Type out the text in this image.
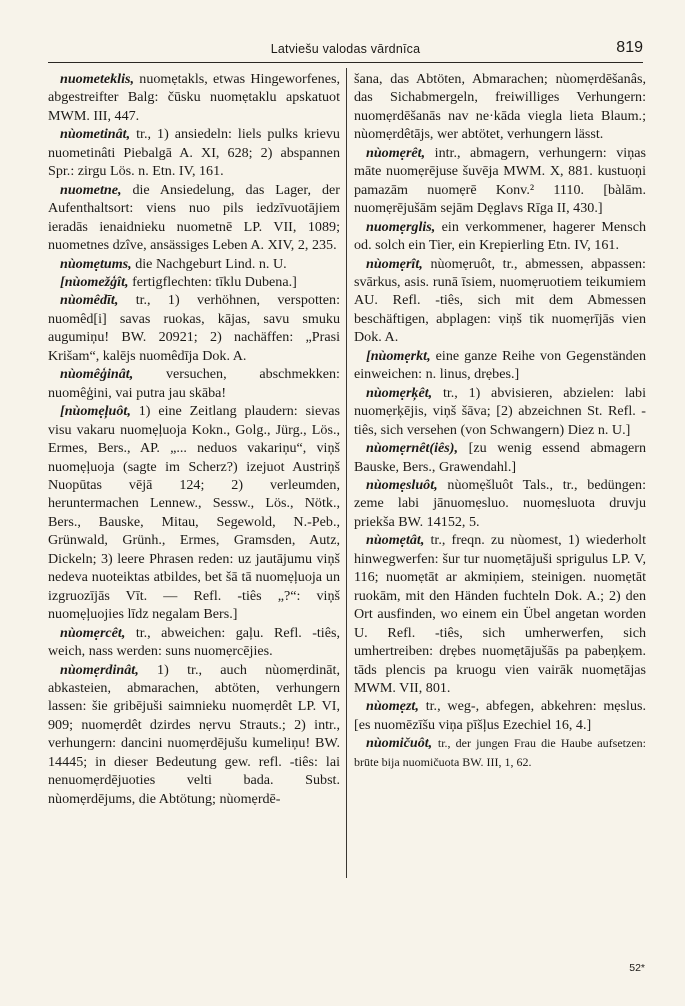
Latviešu valodas vārdnīca	819

nuometeklis, nuomẹtakls, etwas Hingeworfenes, abgestreifter Balg: čūsku nuomẹtaklu apskatuot MWM. III, 447.

nùometinât, tr., 1) ansiedeln: liels pulks krievu nuometinâti Piebalgā A. XI, 628; 2) abspannen Spr.: zirgu Lös. n. Etn. IV, 161.

nuometne, die Ansiedelung, das Lager, der Aufenthaltsort: viens nuo pils iedzīvuotājiem ieradās ienaidnieku nuometnē LP. VII, 1089; nuometnes dzîve, ansässiges Leben A. XIV, 2, 235.

nùomẹtums, die Nachgeburt Lind. n. U.

[nùomežģît, fertigflechten: tīklu Dubena.]

nùomêdīt, tr., 1) verhöhnen, verspotten: nuomêd[i] savas ruokas, kājas, savu smuku augumiņu! BW. 20921; 2) nachäffen: „Prasi Krišam“, kalējs nuomêdīja Dok. A.

nùomêģinât, versuchen, abschmekken: nuomêģini, vai putra jau skāba!

[nùomẹļuôt, 1) eine Zeitlang plaudern: sievas visu vakaru nuomẹļuoja Kokn., Golg., Jürg., Lös., Ermes, Bers., AP. „... neduos vakariņu“, viņš nuomẹļuoja (sagte im Scherz?) izejuot Austriņš Nuopūtas vējā 124; 2) verleumden, heruntermachen Lennew., Sessw., Lös., Nötk., Bers., Bauske, Mitau, Segewold, N.-Peb., Grünwald, Grünh., Ermes, Gramsden, Autz, Dickeln; 3) leere Phrasen reden: uz jautājumu viņš nedeva nuoteiktas atbildes, bet šā tā nuomẹļuoja un izgruozījās Vīt. — Refl. -tiês „?“: viņš nuomẹļuojies līdz negalam Bers.]

nùomẹrcêt, tr., abweichen: gaļu. Refl. -tiês, weich, nass werden: suns nuomẹrcējies.

nùomẹrdinât, 1) tr., auch nùomẹrdināt, abkasteien, abmarachen, abtöten, verhungern lassen: šie gribējuši saimnieku nuomẹrdêt LP. VI, 909; nuomẹrdêt dzirdes nẹrvu Strauts.; 2) intr., verhungern: dancini nuomẹrdējušu kumeliņu! BW. 14445; in dieser Bedeutung gew. refl. -tiês: lai nenuomẹrdējuoties velti bada. Subst. nùomẹrdējums, die Abtötung; nùomẹrdē-

šana, das Abtöten, Abmarachen; nùomẹrdēšanâs, das Sichabmergeln, freiwilliges Verhungern: nuomẹrdēšanās nav ne·kāda viegla lieta Blaum.; nùomẹrdêtājs, wer abtötet, verhungern lässt.

nùomẹrêt, intr., abmagern, verhungern: viņas māte nuomẹrējuse šuvēja MWM. X, 881. kustuoņi pamazām nuomẹrē Konv.² 1110. [bàlām. nuomẹrējušām sejām Dẹglavs Rīga II, 430.]

nuomẹrglis, ein verkommener, hagerer Mensch od. solch ein Tier, ein Krepierling Etn. IV, 161.

nùomẹrît, nùomẹruôt, tr., abmessen, abpassen: svārkus, asis. runā īsiem, nuomẹruotiem teikumiem AU. Refl. -tiês, sich mit dem Abmessen beschäftigen, abplagen: viņš tik nuomẹrījās vien Dok. A.

[nùomẹrkt, eine ganze Reihe von Gegenständen einweichen: n. linus, drẹbes.]

nùomẹrķêt, tr., 1) abvisieren, abzielen: labi nuomẹrķējis, viņš šāva; [2) abzeichnen St. Refl. -tiês, sich versehen (von Schwangern) Diez n. U.]

nùomẹrnêt(iês), [zu wenig essend abmagern Bauske, Bers., Grawendahl.]

nùomẹsluôt, nùomẹšluôt Tals., tr., bedüngen: zeme labi jānuomẹsluo. nuomẹsluota druvju priekša BW. 14152, 5.

nùomẹtât, tr., freqn. zu nùomest, 1) wiederholt hinwegwerfen: šur tur nuomẹtājuši sprigulus LP. V, 116; nuomẹtāt ar akmiņiem, steinigen. nuomẹtāt ruokām, mit den Händen fuchteln Dok. A.; 2) den Ort ausfinden, wo einem ein Übel angetan worden U. Refl. -tiês, sich umherwerfen, sich umhertreiben: drẹbes nuomẹtājušās pa pabeņķem. tāds plencis pa kruogu vien vairāk nuomẹtājas MWM. VII, 801.

nùomẹzt, tr., weg-, abfegen, abkehren: mẹslus. [es nuomēzīšu viņa pīšļus Ezechiel 16, 4.]

nùomičuôt, tr., der jungen Frau die Haube aufsetzen: brūte bija nuomičuota BW. III, 1, 62.

52*
